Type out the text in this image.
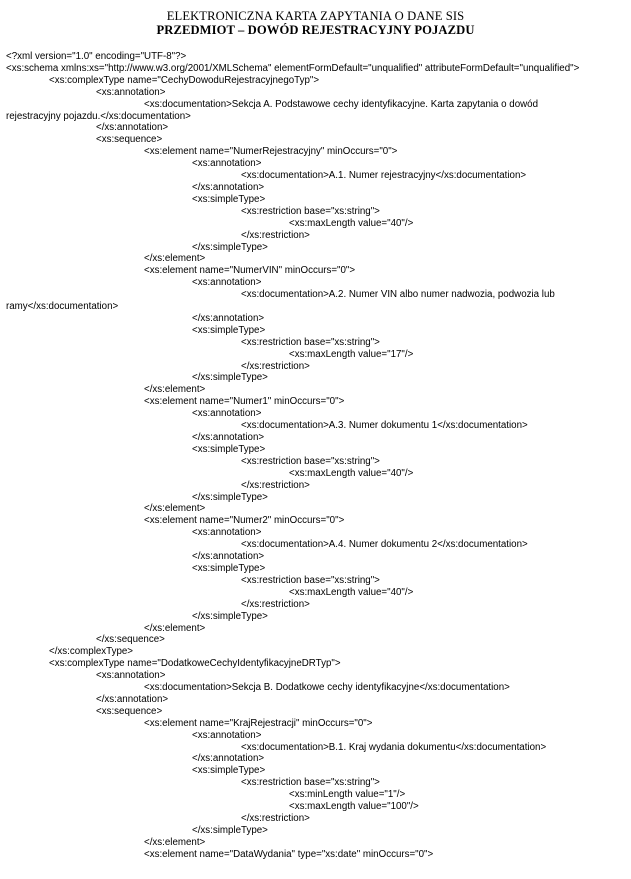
ELEKTRONICZNA KARTA ZAPYTANIA O DANE SIS
PRZEDMIOT – DOWÓD REJESTRACYJNY POJAZDU
<?xml version="1.0" encoding="UTF-8"?>
<xs:schema xmlns:xs="http://www.w3.org/2001/XMLSchema" elementFormDefault="unqualified" attributeFormDefault="unqualified">
<xs:complexType name="CechyDowoduRejestracyjnegoTyp">
<xs:annotation>
<xs:documentation>Sekcja A. Podstawowe cechy identyfikacyjne. Karta zapytania o dowód
rejestracyjny pojazdu.</xs:documentation>
</xs:annotation>
<xs:sequence>
<xs:element name="NumerRejestracyjny" minOccurs="0">
<xs:annotation>
<xs:documentation>A.1. Numer rejestracyjny</xs:documentation>
</xs:annotation>
<xs:simpleType>
<xs:restriction base="xs:string">
<xs:maxLength value="40"/>
</xs:restriction>
</xs:simpleType>
</xs:element>
<xs:element name="NumerVIN" minOccurs="0">
<xs:annotation>
<xs:documentation>A.2. Numer VIN albo numer nadwozia, podwozia lub
ramy</xs:documentation>
</xs:annotation>
<xs:simpleType>
<xs:restriction base="xs:string">
<xs:maxLength value="17"/>
</xs:restriction>
</xs:simpleType>
</xs:element>
<xs:element name="Numer1" minOccurs="0">
<xs:annotation>
<xs:documentation>A.3. Numer dokumentu 1</xs:documentation>
</xs:annotation>
<xs:simpleType>
<xs:restriction base="xs:string">
<xs:maxLength value="40"/>
</xs:restriction>
</xs:simpleType>
</xs:element>
<xs:element name="Numer2" minOccurs="0">
<xs:annotation>
<xs:documentation>A.4. Numer dokumentu 2</xs:documentation>
</xs:annotation>
<xs:simpleType>
<xs:restriction base="xs:string">
<xs:maxLength value="40"/>
</xs:restriction>
</xs:simpleType>
</xs:element>
</xs:sequence>
</xs:complexType>
<xs:complexType name="DodatkoweCechyIdentyfikacyjneDRTyp">
<xs:annotation>
<xs:documentation>Sekcja B. Dodatkowe cechy identyfikacyjne</xs:documentation>
</xs:annotation>
<xs:sequence>
<xs:element name="KrajRejestracji" minOccurs="0">
<xs:annotation>
<xs:documentation>B.1. Kraj wydania dokumentu</xs:documentation>
</xs:annotation>
<xs:simpleType>
<xs:restriction base="xs:string">
<xs:minLength value="1"/>
<xs:maxLength value="100"/>
</xs:restriction>
</xs:simpleType>
</xs:element>
<xs:element name="DataWydania" type="xs:date" minOccurs="0">
